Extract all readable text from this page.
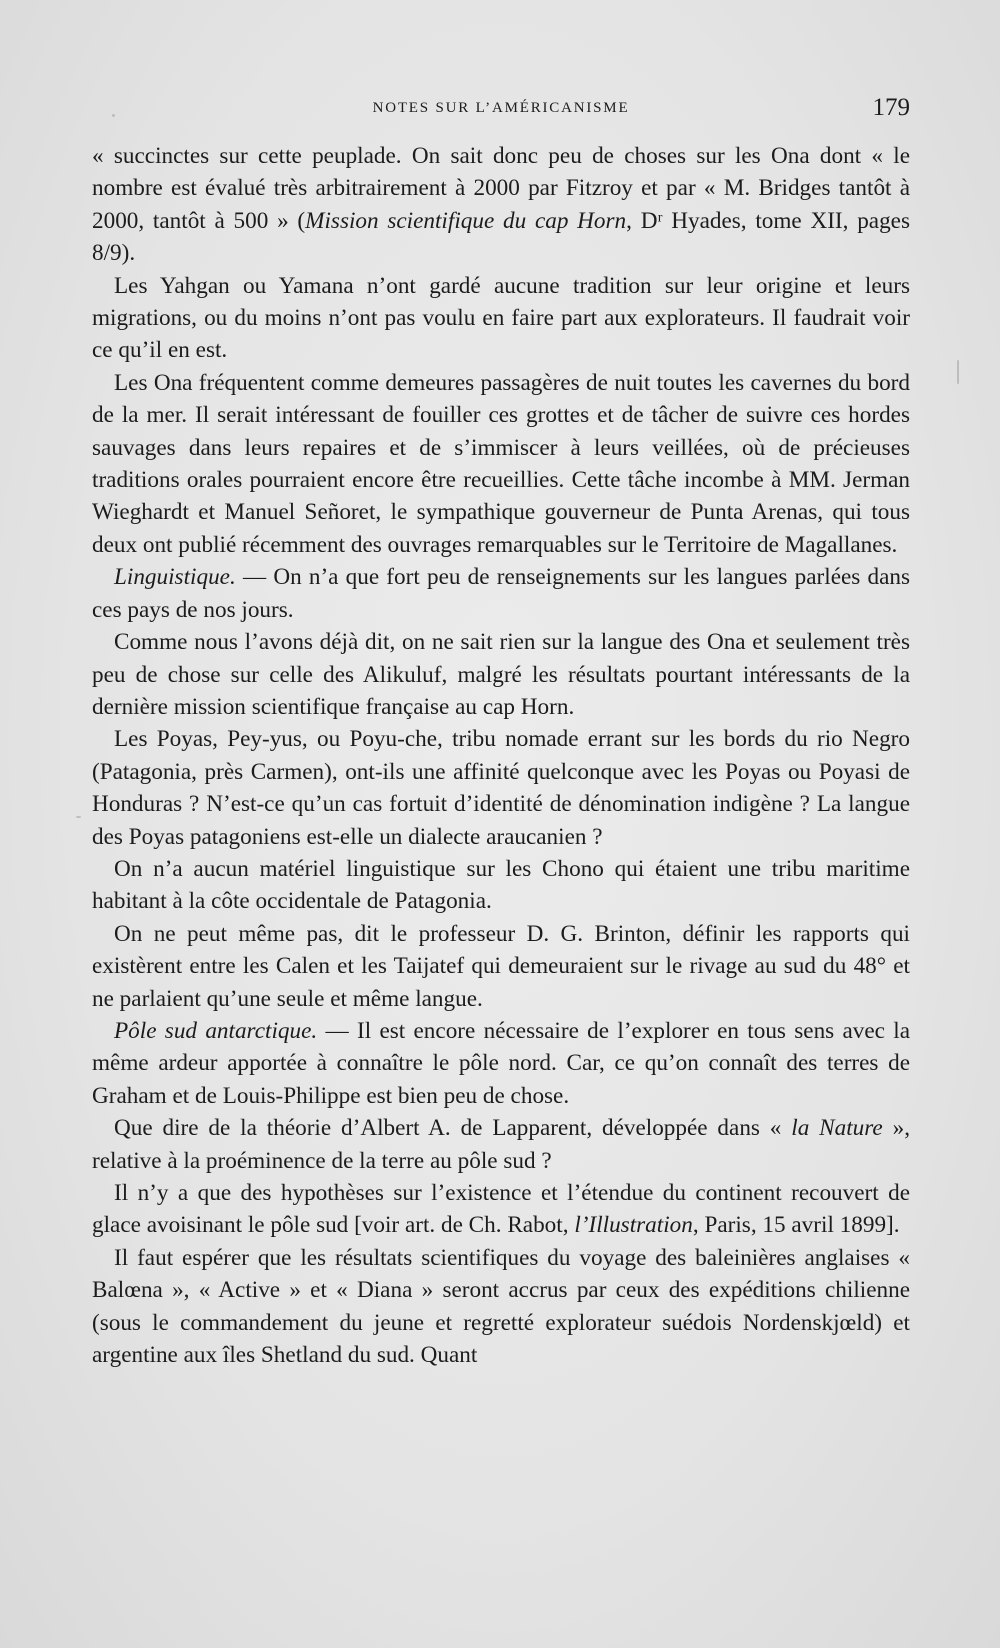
NOTES SUR L’AMÉRICANISME	179

« succinctes sur cette peuplade. On sait donc peu de choses sur les Ona dont « le nombre est évalué très arbitrairement à 2000 par Fitzroy et par « M. Bridges tantôt à 2000, tantôt à 500 » (Mission scientifique du cap Horn, Dʳ Hyades, tome XII, pages 8/9).

Les Yahgan ou Yamana n’ont gardé aucune tradition sur leur origine et leurs migrations, ou du moins n’ont pas voulu en faire part aux explorateurs. Il faudrait voir ce qu’il en est.

Les Ona fréquentent comme demeures passagères de nuit toutes les cavernes du bord de la mer. Il serait intéressant de fouiller ces grottes et de tâcher de suivre ces hordes sauvages dans leurs repaires et de s’immiscer à leurs veillées, où de précieuses traditions orales pourraient encore être recueillies. Cette tâche incombe à MM. Jerman Wieghardt et Manuel Señoret, le sympathique gouverneur de Punta Arenas, qui tous deux ont publié récemment des ouvrages remarquables sur le Territoire de Magallanes.

Linguistique. — On n’a que fort peu de renseignements sur les langues parlées dans ces pays de nos jours.

Comme nous l’avons déjà dit, on ne sait rien sur la langue des Ona et seulement très peu de chose sur celle des Alikuluf, malgré les résultats pourtant intéressants de la dernière mission scientifique française au cap Horn.

Les Poyas, Pey-yus, ou Poyu-che, tribu nomade errant sur les bords du rio Negro (Patagonia, près Carmen), ont-ils une affinité quelconque avec les Poyas ou Poyasi de Honduras ? N’est-ce qu’un cas fortuit d’identité de dénomination indigène ? La langue des Poyas patagoniens est-elle un dialecte araucanien ?

On n’a aucun matériel linguistique sur les Chono qui étaient une tribu maritime habitant à la côte occidentale de Patagonia.

On ne peut même pas, dit le professeur D. G. Brinton, définir les rapports qui existèrent entre les Calen et les Taijatef qui demeuraient sur le rivage au sud du 48° et ne parlaient qu’une seule et même langue.

Pôle sud antarctique. — Il est encore nécessaire de l’explorer en tous sens avec la même ardeur apportée à connaître le pôle nord. Car, ce qu’on connaît des terres de Graham et de Louis-Philippe est bien peu de chose.

Que dire de la théorie d’Albert A. de Lapparent, développée dans « la Nature », relative à la proéminence de la terre au pôle sud ?

Il n’y a que des hypothèses sur l’existence et l’étendue du continent recouvert de glace avoisinant le pôle sud [voir art. de Ch. Rabot, l’Illustration, Paris, 15 avril 1899].

Il faut espérer que les résultats scientifiques du voyage des baleinières anglaises « Balœna », « Active » et « Diana » seront accrus par ceux des expéditions chilienne (sous le commandement du jeune et regretté explorateur suédois Nordenskjœld) et argentine aux îles Shetland du sud. Quant
